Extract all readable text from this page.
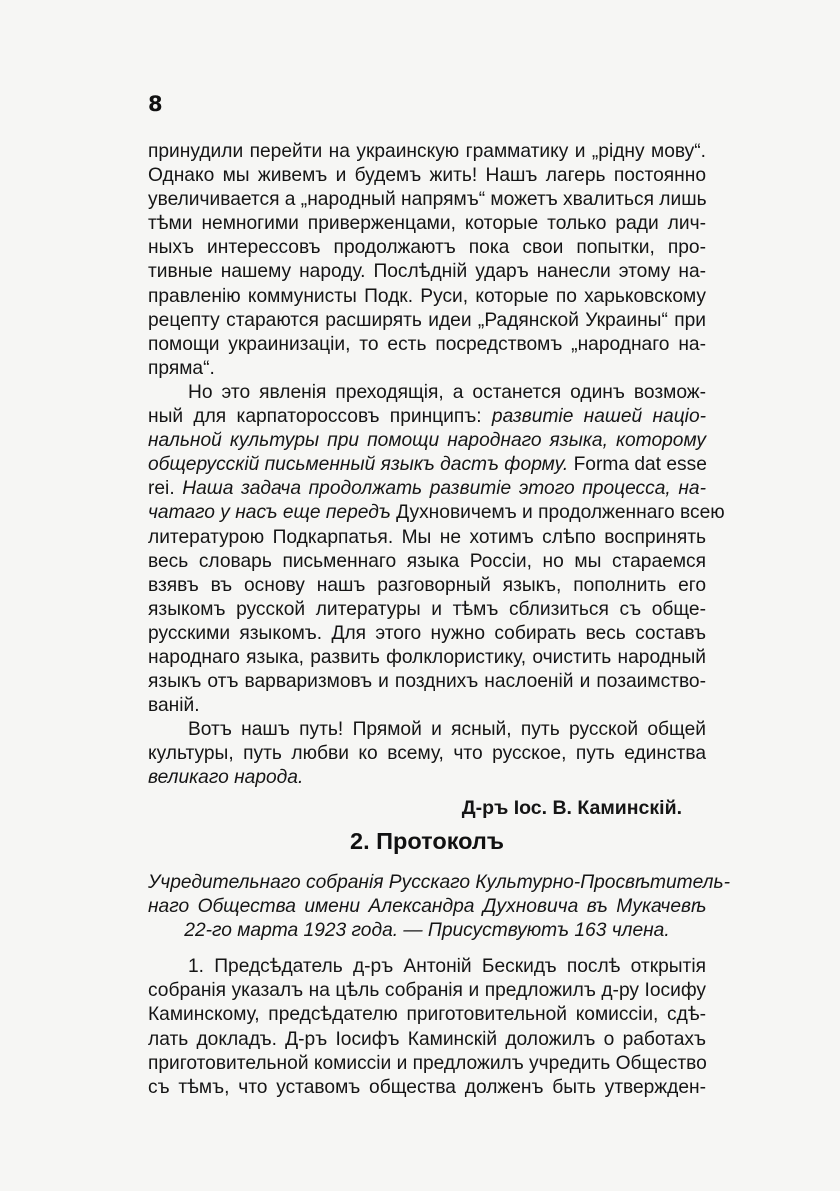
8
принудили перейти на украинскую грамматику и „рідну мову“.
Однако мы живемъ и будемъ жить! Нашъ лагерь постоянно
увеличивается а „народный напрямъ“ можетъ хвалиться лишь
тѣми немногими приверженцами, которые только ради лич-
ныхъ интерессовъ продолжаютъ пока свои попытки, про-
тивные нашему народу. Послѣдній ударъ нанесли этому на-
правленію коммунисты Подк. Руси, которые по харьковскому
рецепту стараются расширять идеи „Радянской Украины“ при
помощи украинизаціи, то есть посредствомъ „народнаго на-
пряма“.
Но это явленія преходящія, а останется одинъ возмож-
ный для карпатороссовъ принципъ: развитіе нашей націо-
нальной культуры при помощи народнаго языка, которому
общерусскій письменный языкъ дастъ форму. Forma dat esse
rei. Наша задача продолжать развитіе этого процесса, на-
чатаго у насъ еще передъ Духновичемъ и продолженнаго всею
литературою Подкарпатья. Мы не хотимъ слѣпо воспринять
весь словарь письменнаго языка Россіи, но мы стараемся
взявъ въ основу нашъ разговорный языкъ, пополнить его
языкомъ русской литературы и тѣмъ сблизиться съ обще-
русскими языкомъ. Для этого нужно собирать весь составъ
народнаго языка, развить фолклористику, очистить народный
языкъ отъ варваризмовъ и позднихъ наслоеній и позаимство-
ваній.
Вотъ нашъ путь! Прямой и ясный, путь русской общей
культуры, путь любви ко всему, что русское, путь единства
великаго народа.
Д-ръ Іос. В. Каминскій.
2. Протоколъ
Учредительнаго собранія Русскаго Культурно-Просвѣтитель-
наго Общества имени Александра Духновича въ Мукачевѣ
22-го марта 1923 года. — Присуствуютъ 163 члена.
1. Предсѣдатель д-ръ Антоній Бескидъ послѣ открытія
собранія указалъ на цѣль собранія и предложилъ д-ру Іосифу
Каминскому, предсѣдателю приготовительной комиссіи, сдѣ-
лать докладъ. Д-ръ Іосифъ Каминскій доложилъ о работахъ
приготовительной комиссіи и предложилъ учредить Общество
съ тѣмъ, что уставомъ общества долженъ быть утвержден-
